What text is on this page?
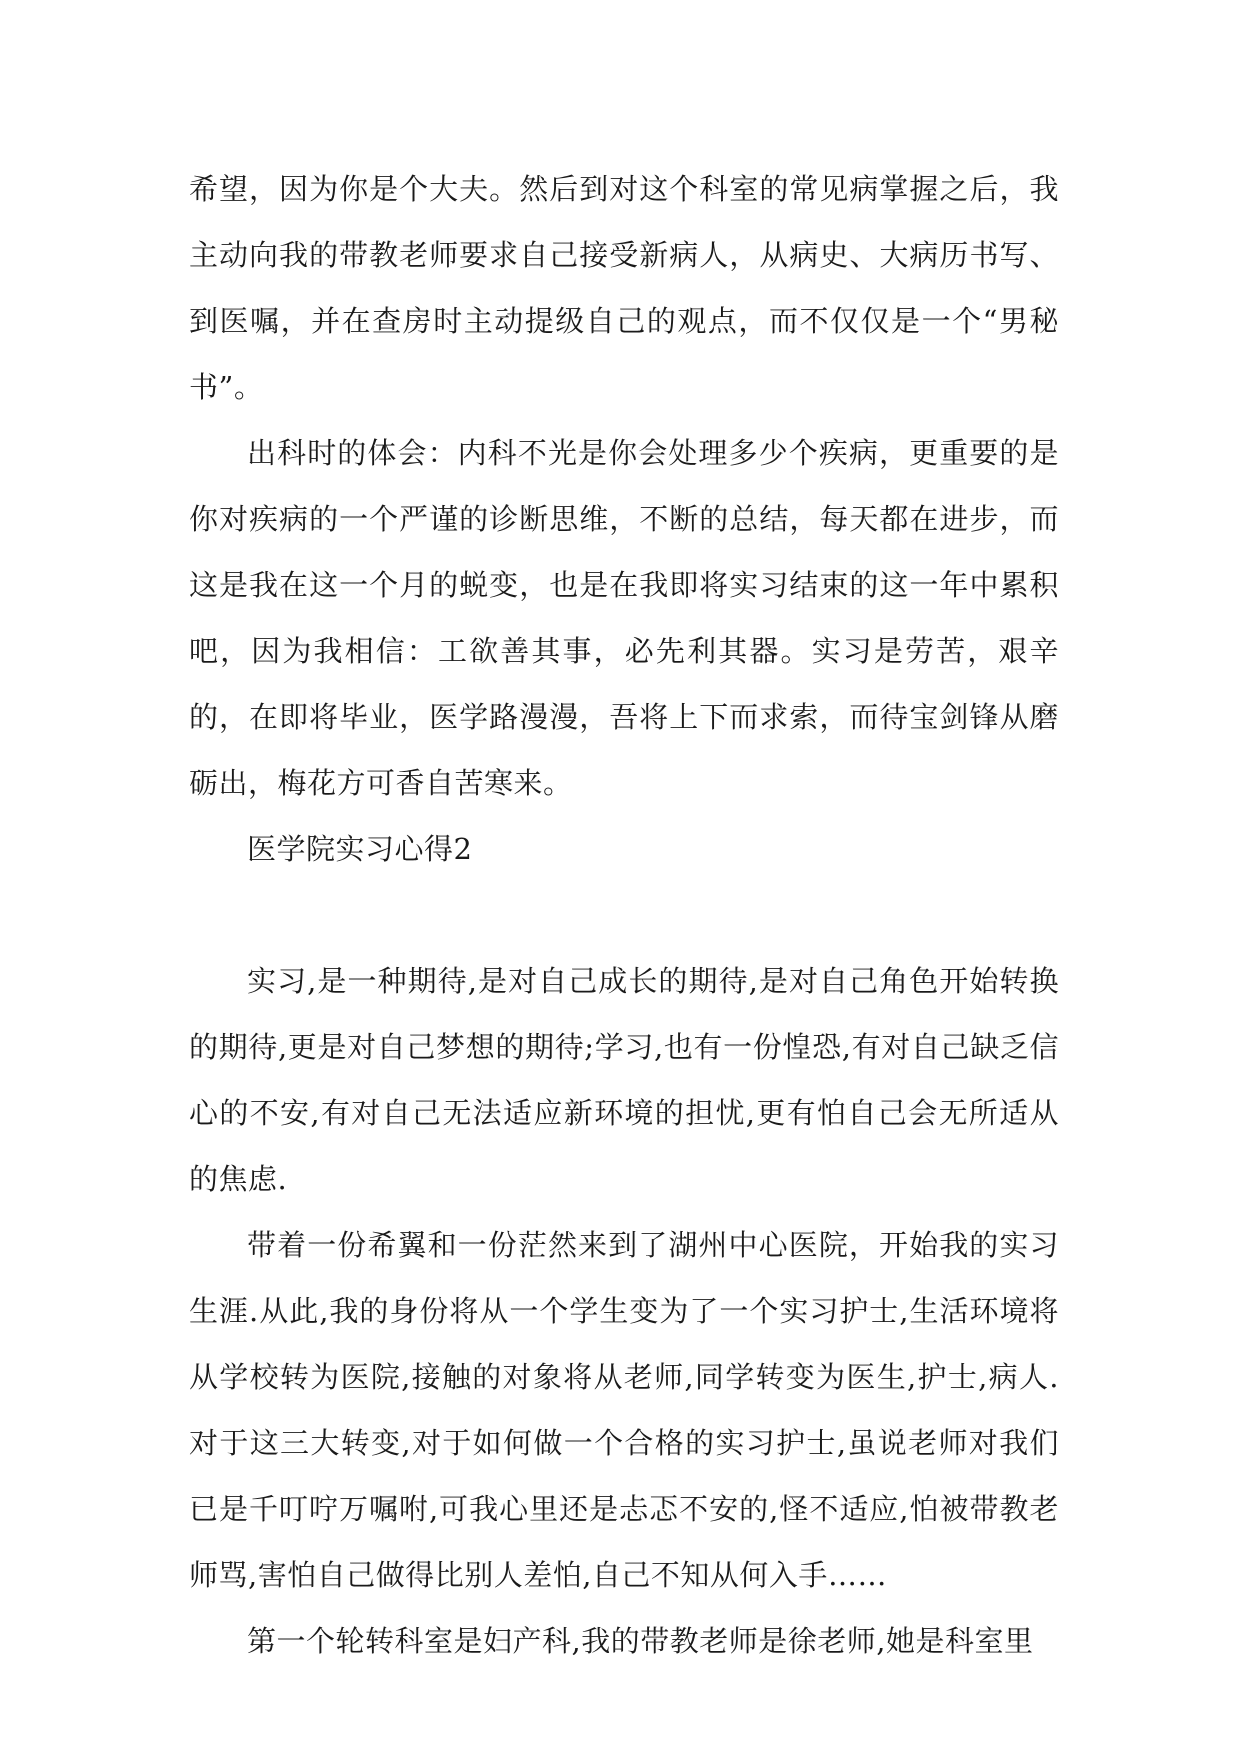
希望，因为你是个大夫。然后到对这个科室的常见病掌握之后，我主动向我的带教老师要求自己接受新病人，从病史、大病历书写、到医嘱，并在查房时主动提级自己的观点，而不仅仅是一个“男秘书”。

出科时的体会：内科不光是你会处理多少个疾病，更重要的是你对疾病的一个严谨的诊断思维，不断的总结，每天都在进步，而这是我在这一个月的蜕变，也是在我即将实习结束的这一年中累积吧，因为我相信：工欲善其事，必先利其器。实习是劳苦，艰辛的，在即将毕业，医学路漫漫，吾将上下而求索，而待宝剑锋从磨砺出，梅花方可香自苦寒来。

医学院实习心得2

实习,是一种期待,是对自己成长的期待,是对自己角色开始转换的期待,更是对自己梦想的期待;学习,也有一份惶恐,有对自己缺乏信心的不安,有对自己无法适应新环境的担忧,更有怕自己会无所适从的焦虑.

带着一份希翼和一份茫然来到了湖州中心医院，开始我的实习生涯.从此,我的身份将从一个学生变为了一个实习护士,生活环境将从学校转为医院,接触的对象将从老师,同学转变为医生,护士,病人.对于这三大转变,对于如何做一个合格的实习护士,虽说老师对我们已是千叮咛万嘱咐,可我心里还是忐忑不安的,怪不适应,怕被带教老师骂,害怕自己做得比别人差怕,自己不知从何入手……

第一个轮转科室是妇产科,我的带教老师是徐老师,她是科室里
